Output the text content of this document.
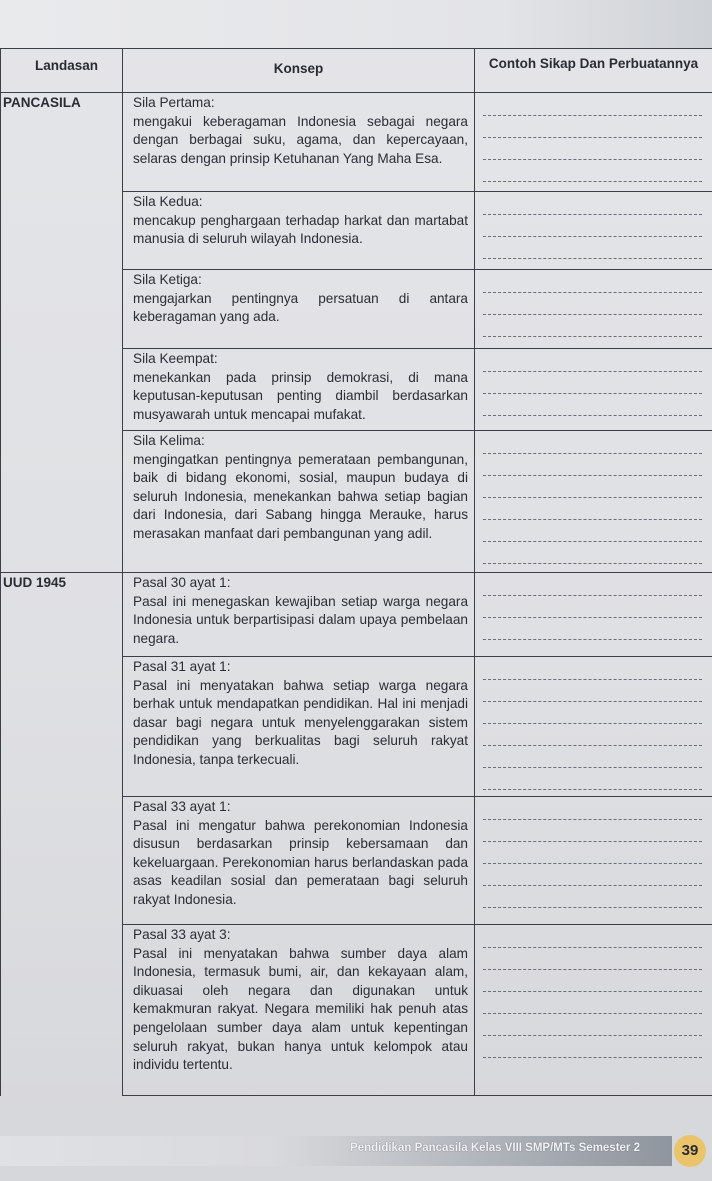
Landasan	Konsep	Contoh Sikap Dan Perbuatannya
PANCASILA	Sila Pertama:
mengakui keberagaman Indonesia sebagai negara dengan berbagai suku, agama, dan kepercayaan, selaras dengan prinsip Ketuhanan Yang Maha Esa.	

	Sila Kedua:
mencakup penghargaan terhadap harkat dan martabat manusia di seluruh wilayah Indonesia.	

	Sila Ketiga:
mengajarkan pentingnya persatuan di antara keberagaman yang ada.	

	Sila Keempat:
menekankan pada prinsip demokrasi, di mana keputusan-keputusan penting diambil berdasarkan musyawarah untuk mencapai mufakat.	

	Sila Kelima:
mengingatkan pentingnya pemerataan pembangunan, baik di bidang ekonomi, sosial, maupun budaya di seluruh Indonesia, menekankan bahwa setiap bagian dari Indonesia, dari Sabang hingga Merauke, harus merasakan manfaat dari pembangunan yang adil.	

UUD 1945	Pasal 30 ayat 1:
Pasal ini menegaskan kewajiban setiap warga negara Indonesia untuk berpartisipasi dalam upaya pembelaan negara.	

	Pasal 31 ayat 1:
Pasal ini menyatakan bahwa setiap warga negara berhak untuk mendapatkan pendidikan. Hal ini menjadi dasar bagi negara untuk menyelenggarakan sistem pendidikan yang berkualitas bagi seluruh rakyat Indonesia, tanpa terkecuali.	

	Pasal 33 ayat 1:
Pasal ini mengatur bahwa perekonomian Indonesia disusun berdasarkan prinsip kebersamaan dan kekeluargaan. Perekonomian harus berlandaskan pada asas keadilan sosial dan pemerataan bagi seluruh rakyat Indonesia.	

	Pasal 33 ayat 3:
Pasal ini menyatakan bahwa sumber daya alam Indonesia, termasuk bumi, air, dan kekayaan alam, dikuasai oleh negara dan digunakan untuk kemakmuran rakyat. Negara memiliki hak penuh atas pengelolaan sumber daya alam untuk kepentingan seluruh rakyat, bukan hanya untuk kelompok atau individu tertentu.	

Pendidikan Pancasila Kelas VIII SMP/MTs Semester 2	39
